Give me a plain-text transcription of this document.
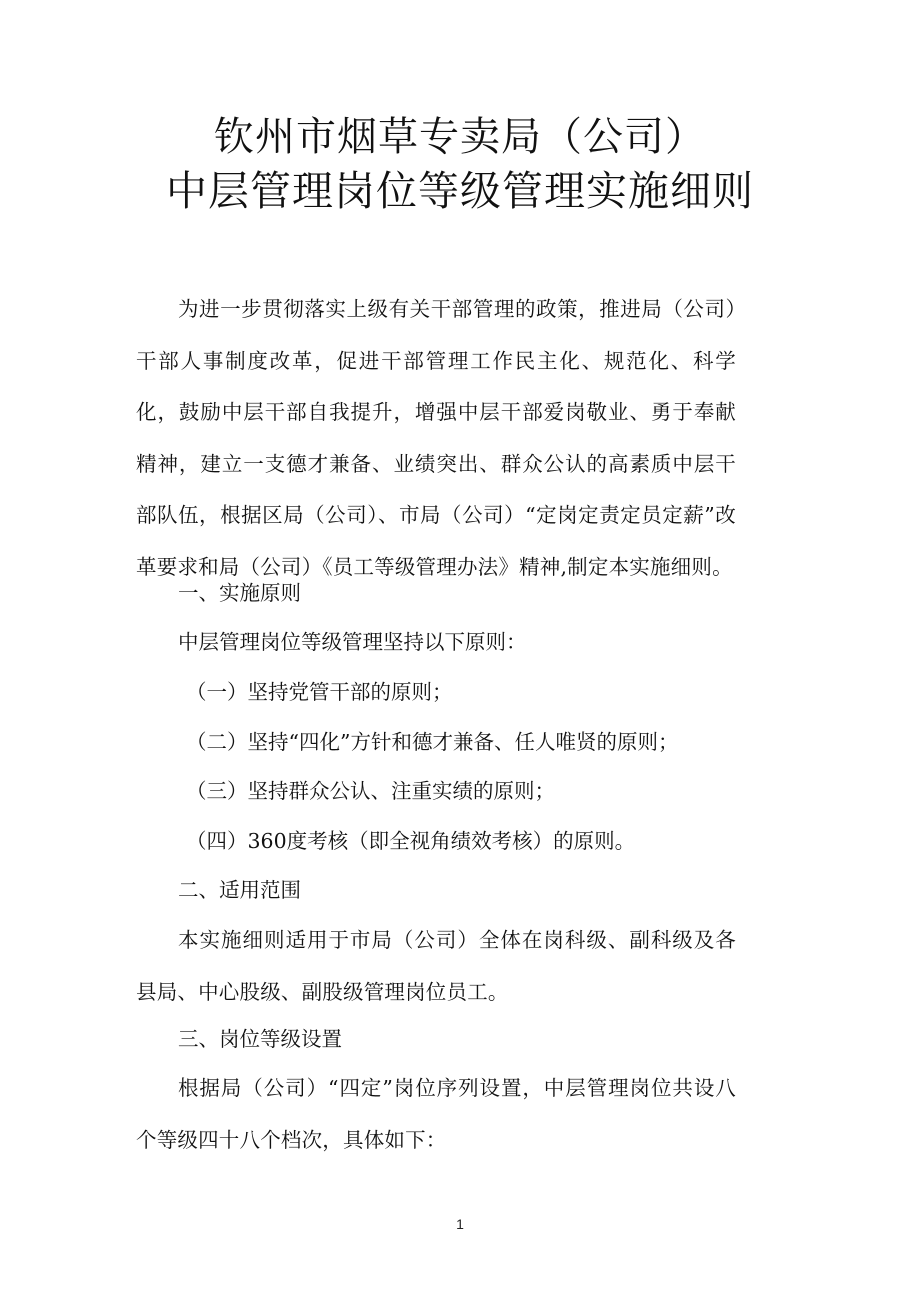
钦州市烟草专卖局（公司）
中层管理岗位等级管理实施细则

为进一步贯彻落实上级有关干部管理的政策，推进局（公司）干部人事制度改革，促进干部管理工作民主化、规范化、科学化，鼓励中层干部自我提升，增强中层干部爱岗敬业、勇于奉献精神，建立一支德才兼备、业绩突出、群众公认的高素质中层干部队伍，根据区局（公司）、市局（公司）“定岗定责定员定薪”改革要求和局（公司）《员工等级管理办法》精神,制定本实施细则。

一、实施原则

中层管理岗位等级管理坚持以下原则：

（一）坚持党管干部的原则；

（二）坚持“四化”方针和德才兼备、任人唯贤的原则；

（三）坚持群众公认、注重实绩的原则；

（四）360度考核（即全视角绩效考核）的原则。

二、适用范围

本实施细则适用于市局（公司）全体在岗科级、副科级及各县局、中心股级、副股级管理岗位员工。

三、岗位等级设置

根据局（公司）“四定”岗位序列设置，中层管理岗位共设八个等级四十八个档次，具体如下：

1
